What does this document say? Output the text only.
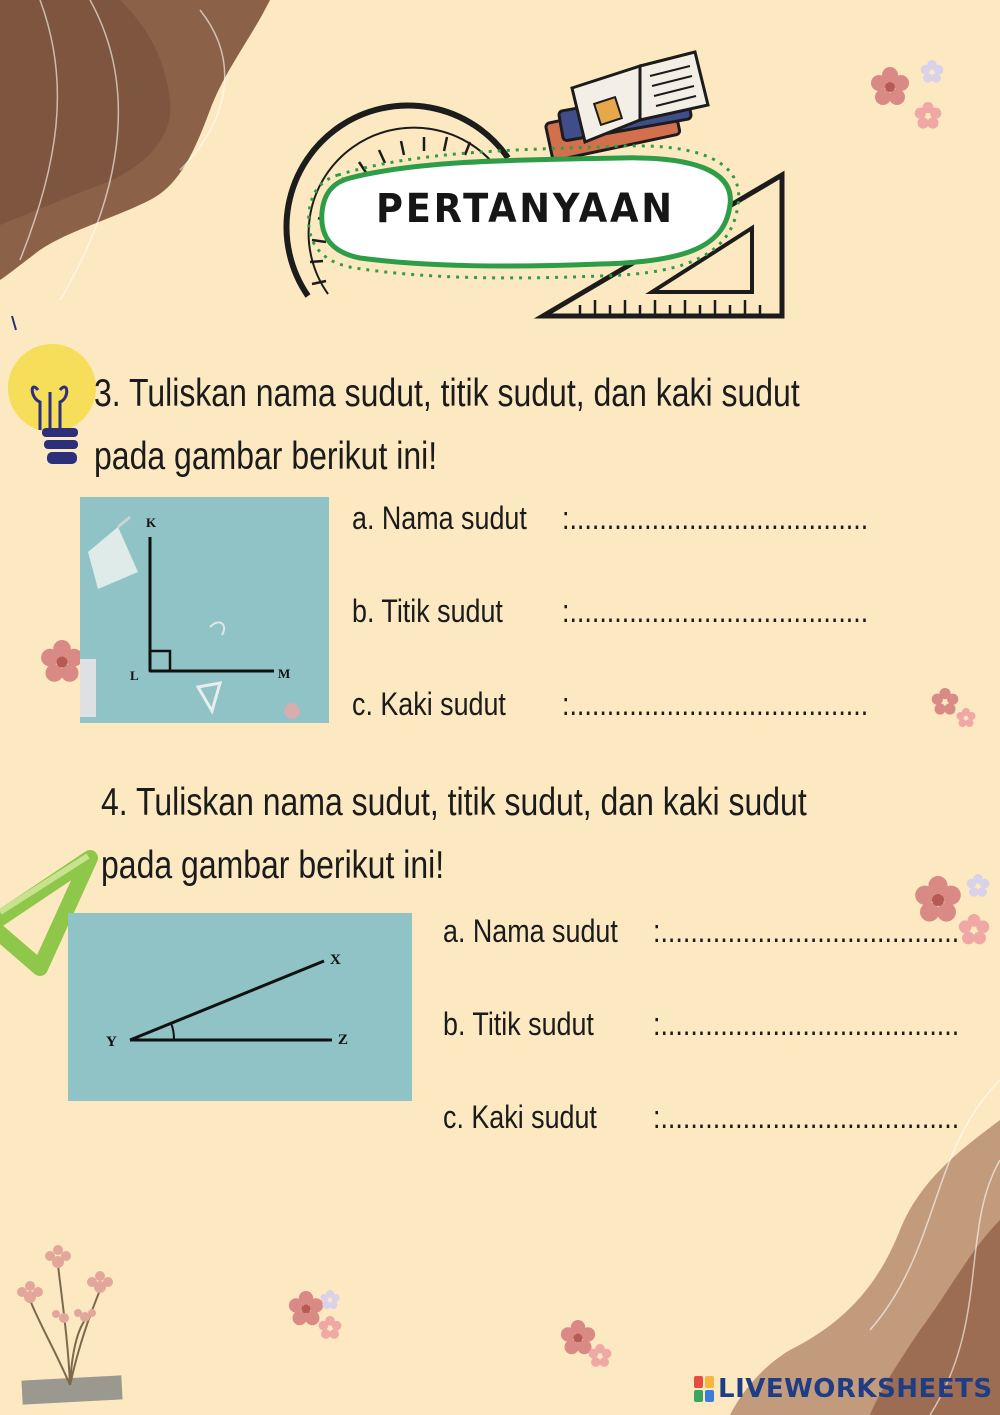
PERTANYAAN
3. Tuliskan nama sudut, titik sudut, dan kaki sudut
pada gambar berikut ini!
K
L	M
a. Nama sudut	:........................................
b. Titik sudut	:........................................
c. Kaki sudut	:........................................
4. Tuliskan nama sudut, titik sudut, dan kaki sudut
pada gambar berikut ini!
X
Y	Z
a. Nama sudut	:........................................
b. Titik sudut	:........................................
c. Kaki sudut	:........................................
LIVEWORKSHEETS
